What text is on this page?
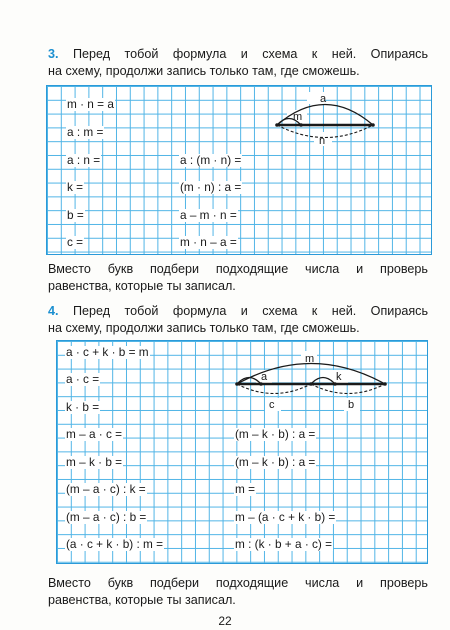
3. Перед тобой формула и схема к ней. Опираясь

на схему, продолжи запись только там, где сможешь.

m · n = a
a : m =
a : n =
k =
b =
c =
a : (m · n) =
(m · n) : a =
a – m · n =
m · n – a =
a
m
n

Вместо букв подбери подходящие числа и проверь

равенства, которые ты записал.

4. Перед тобой формула и схема к ней. Опираясь

на схему, продолжи запись только там, где сможешь.

a · c + k · b = m
a · c =
k · b =
m – a · c =
m – k · b =
(m – a · c) : k =
(m – a · c) : b =
(a · c + k · b) : m =
(m – k · b) : a =
(m – k · b) : a =
m =
m – (a · c + k · b) =
m : (k · b + a · c) =
m
a	k
c	b

Вместо букв подбери подходящие числа и проверь

равенства, которые ты записал.

22
